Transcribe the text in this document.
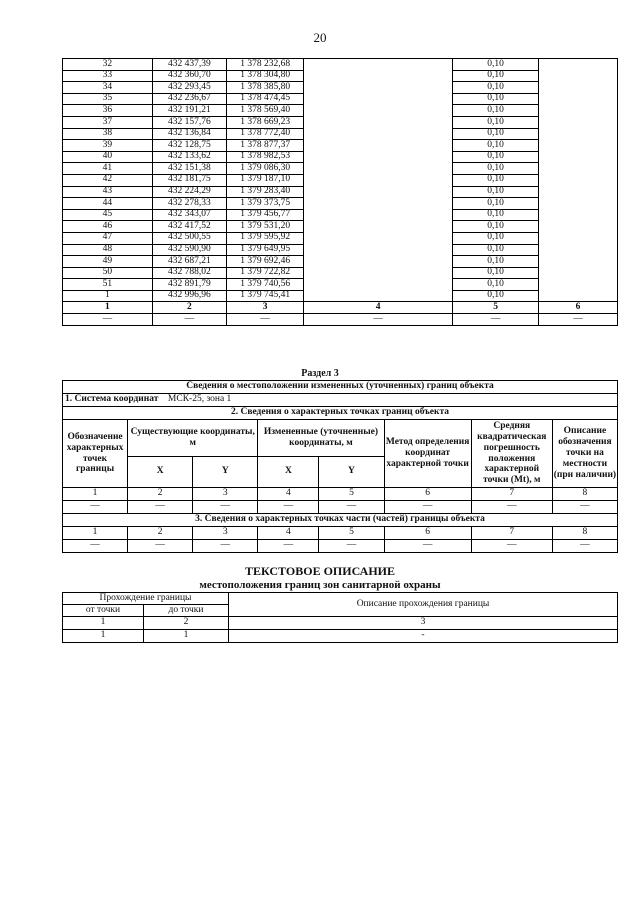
20
32	432 437,39	1 378 232,68		0,10	
33	432 360,70	1 378 304,80		0,10	
34	432 293,45	1 378 385,80		0,10	
35	432 236,67	1 378 474,45		0,10	
36	432 191,21	1 378 569,40		0,10	
37	432 157,76	1 378 669,23		0,10	
38	432 136,84	1 378 772,40		0,10	
39	432 128,75	1 378 877,37		0,10	
40	432 133,62	1 378 982,53		0,10	
41	432 151,38	1 379 086,30		0,10	
42	432 181,75	1 379 187,10		0,10	
43	432 224,29	1 379 283,40		0,10	
44	432 278,33	1 379 373,75		0,10	
45	432 343,07	1 379 456,77		0,10	
46	432 417,52	1 379 531,20		0,10	
47	432 500,55	1 379 595,92		0,10	
48	432 590,90	1 379 649,95		0,10	
49	432 687,21	1 379 692,46		0,10	
50	432 788,02	1 379 722,82		0,10	
51	432 891,79	1 379 740,56		0,10	
1	432 996,96	1 379 745,41		0,10	
1	2	3	4	5	6
—	—	—	—	—	—
Раздел 3
Сведения о местоположении измененных (уточненных) границ объекта							
1. Система координат МСК-25, зона 1							
2. Сведения о характерных точках границ объекта							
Обозначение характерных точек границы	Существующие координаты, м		Измененные (уточненные) координаты, м		Метод определения координат характерной точки	Средняя квадратическая погрешность положения характерной точки (Mt), м	Описание обозначения точки на местности (при наличии)
	X	Y	X	Y			
1	2	3	4	5	6	7	8
—	—	—	—	—	—	—	—
3. Сведения о характерных точках части (частей) границы объекта							
1	2	3	4	5	6	7	8
—	—	—	—	—	—	—	—
ТЕКСТОВОЕ ОПИСАНИЕ
местоположения границ зон санитарной охраны
Прохождение границы		Описание прохождения границы
от точки	до точки	
1	2	3
1	1	-
